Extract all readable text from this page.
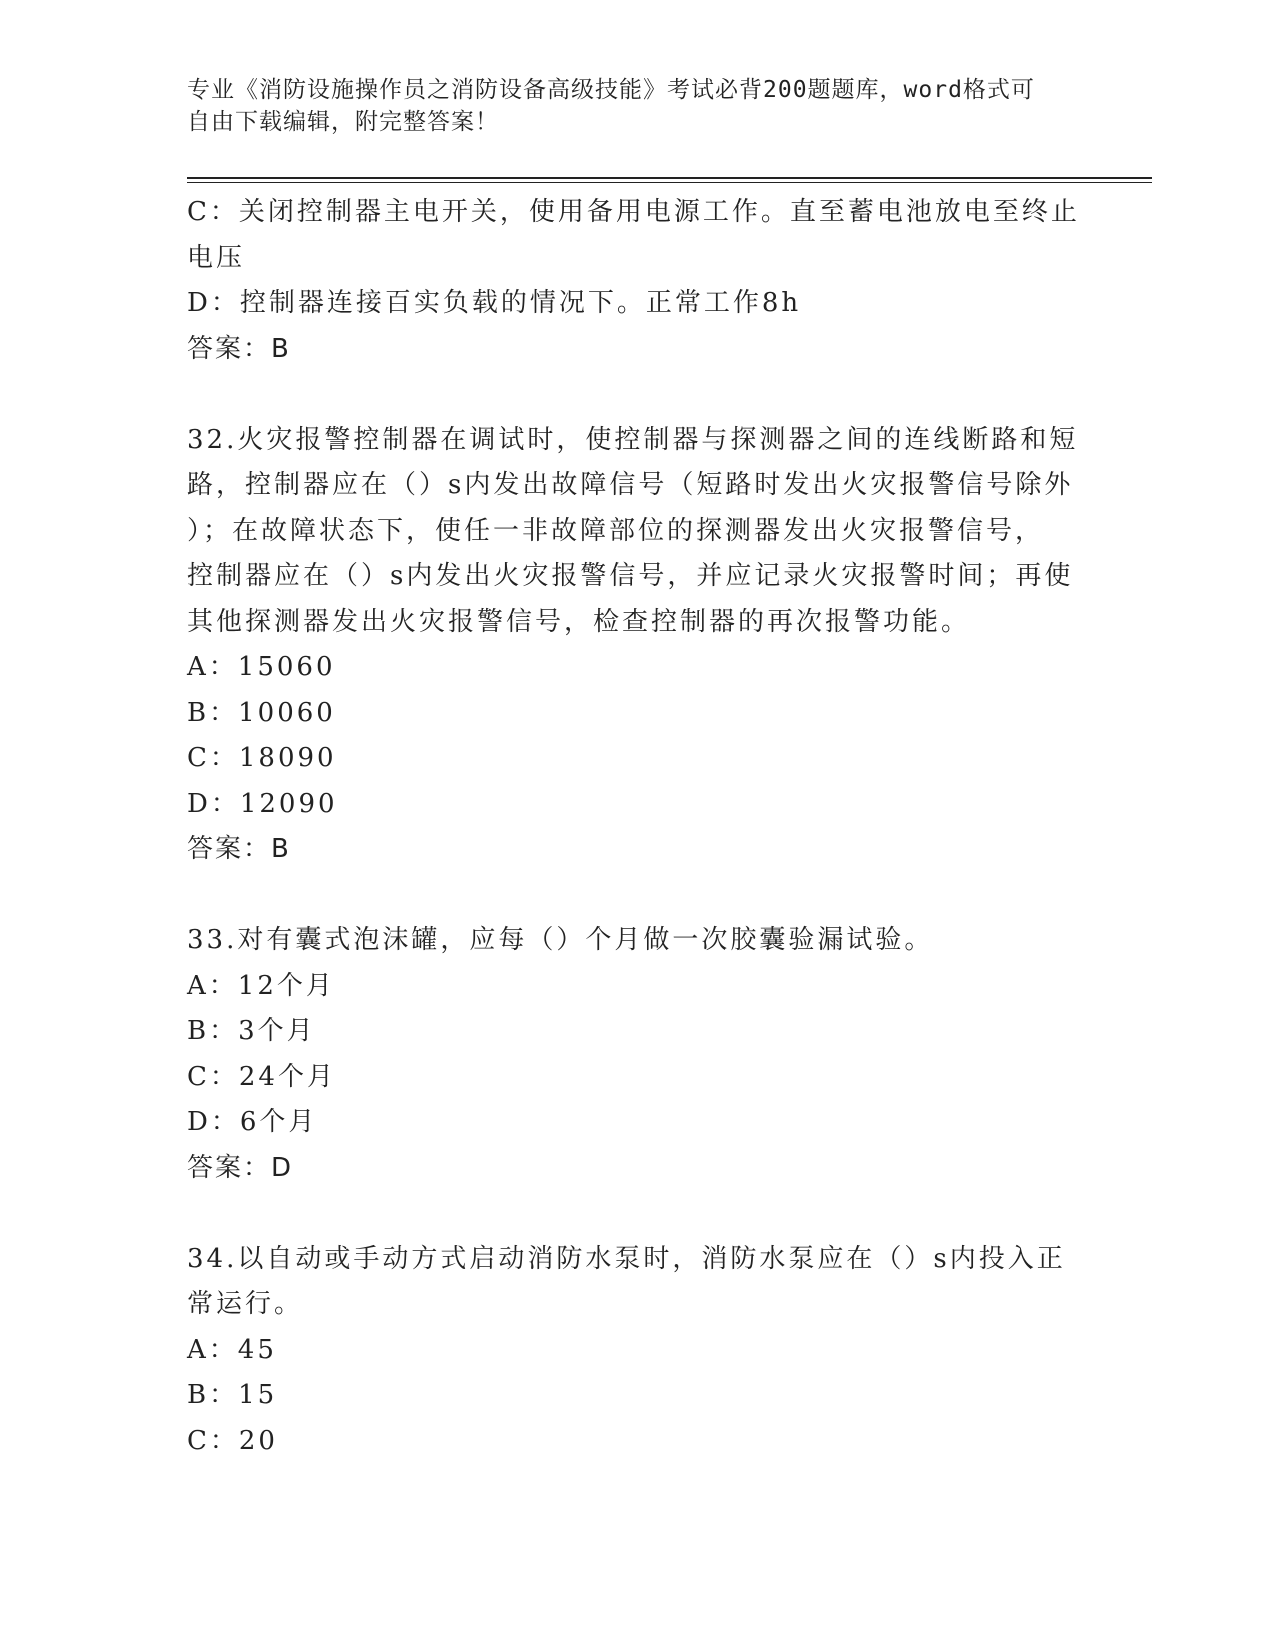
专业《消防设施操作员之消防设备高级技能》考试必背200题题库，word格式可
自由下载编辑，附完整答案！
C：关闭控制器主电开关，使用备用电源工作。直至蓄电池放电至终止
电压
D：控制器连接百实负载的情况下。正常工作8h
答案：B
32.火灾报警控制器在调试时，使控制器与探测器之间的连线断路和短
路，控制器应在（）s内发出故障信号（短路时发出火灾报警信号除外
）；在故障状态下，使任一非故障部位的探测器发出火灾报警信号，
控制器应在（）s内发出火灾报警信号，并应记录火灾报警时间；再使
其他探测器发出火灾报警信号，检查控制器的再次报警功能。
A：15060
B：10060
C：18090
D：12090
答案：B
33.对有囊式泡沫罐，应每（）个月做一次胶囊验漏试验。
A：12个月
B：3个月
C：24个月
D：6个月
答案：D
34.以自动或手动方式启动消防水泵时，消防水泵应在（）s内投入正
常运行。
A：45
B：15
C：20
